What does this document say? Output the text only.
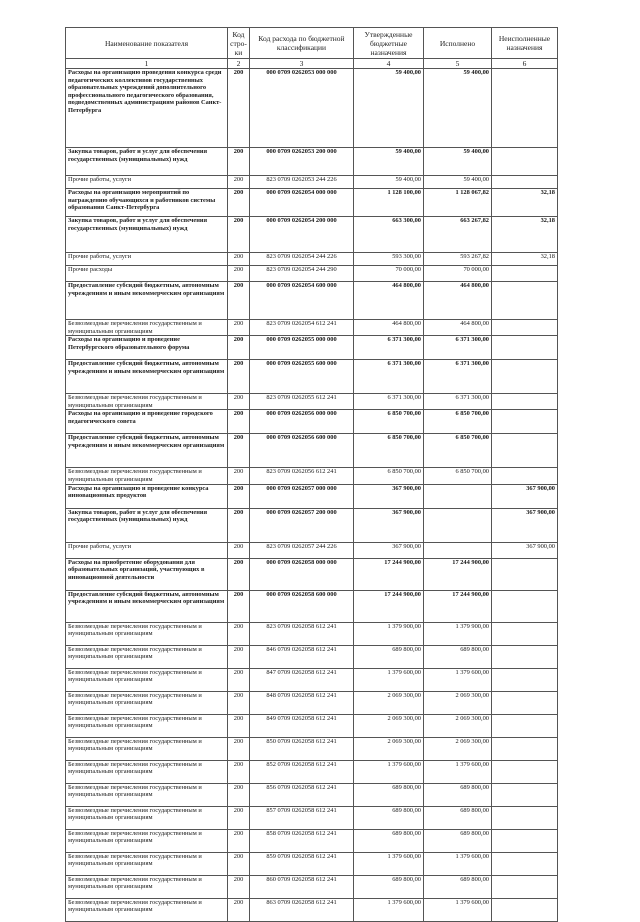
Наименование показателя	Код стро-ки	Код расхода по бюджетной классификации	Утвержденные бюджетные назначения	Исполнено	Неисполненные назначения
1	2	3	4	5	6
Расходы на организацию проведения конкурса среди педагогических коллективов государственных образовательных учреждений дополнительного профессионального педагогического образования, подведомственных администрациям районов Санкт-Петербурга	200	000 0709 0262053 000 000	59 400,00	59 400,00	
Закупка товаров, работ и услуг для обеспечения государственных (муниципальных) нужд	200	000 0709 0262053 200 000	59 400,00	59 400,00	
Прочие работы, услуги	200	823 0709 0262053 244 226	59 400,00	59 400,00	
Расходы на организацию мероприятий по награждению обучающихся и работников системы образования Санкт-Петербурга	200	000 0709 0262054 000 000	1 128 100,00	1 128 067,82	32,18
Закупка товаров, работ и услуг для обеспечения государственных (муниципальных) нужд	200	000 0709 0262054 200 000	663 300,00	663 267,82	32,18
Прочие работы, услуги	200	823 0709 0262054 244 226	593 300,00	593 267,82	32,18
Прочие расходы	200	823 0709 0262054 244 290	70 000,00	70 000,00	
Предоставление субсидий бюджетным, автономным учреждениям и иным некоммерческим организациям	200	000 0709 0262054 600 000	464 800,00	464 800,00	
Безвозмездные перечисления государственным и муниципальным организациям	200	823 0709 0262054 612 241	464 800,00	464 800,00	
Расходы на организацию и проведение Петербургского образовательного форума	200	000 0709 0262055 000 000	6 371 300,00	6 371 300,00	
Предоставление субсидий бюджетным, автономным учреждениям и иным некоммерческим организациям	200	000 0709 0262055 600 000	6 371 300,00	6 371 300,00	
Безвозмездные перечисления государственным и муниципальным организациям	200	823 0709 0262055 612 241	6 371 300,00	6 371 300,00	
Расходы на организацию и проведение городского педагогического совета	200	000 0709 0262056 000 000	6 850 700,00	6 850 700,00	
Предоставление субсидий бюджетным, автономным учреждениям и иным некоммерческим организациям	200	000 0709 0262056 600 000	6 850 700,00	6 850 700,00	
Безвозмездные перечисления государственным и муниципальным организациям	200	823 0709 0262056 612 241	6 850 700,00	6 850 700,00	
Расходы на организацию и проведение конкурса инновационных продуктов	200	000 0709 0262057 000 000	367 900,00		367 900,00
Закупка товаров, работ и услуг для обеспечения государственных (муниципальных) нужд	200	000 0709 0262057 200 000	367 900,00		367 900,00
Прочие работы, услуги	200	823 0709 0262057 244 226	367 900,00		367 900,00
Расходы на приобретение оборудования для образовательных организаций, участвующих в инновационной деятельности	200	000 0709 0262058 000 000	17 244 900,00	17 244 900,00	
Предоставление субсидий бюджетным, автономным учреждениям и иным некоммерческим организациям	200	000 0709 0262058 600 000	17 244 900,00	17 244 900,00	
Безвозмездные перечисления государственным и муниципальным организациям	200	823 0709 0262058 612 241	1 379 900,00	1 379 900,00	
Безвозмездные перечисления государственным и муниципальным организациям	200	846 0709 0262058 612 241	689 800,00	689 800,00	
Безвозмездные перечисления государственным и муниципальным организациям	200	847 0709 0262058 612 241	1 379 600,00	1 379 600,00	
Безвозмездные перечисления государственным и муниципальным организациям	200	848 0709 0262058 612 241	2 069 300,00	2 069 300,00	
Безвозмездные перечисления государственным и муниципальным организациям	200	849 0709 0262058 612 241	2 069 300,00	2 069 300,00	
Безвозмездные перечисления государственным и муниципальным организациям	200	850 0709 0262058 612 241	2 069 300,00	2 069 300,00	
Безвозмездные перечисления государственным и муниципальным организациям	200	852 0709 0262058 612 241	1 379 600,00	1 379 600,00	
Безвозмездные перечисления государственным и муниципальным организациям	200	856 0709 0262058 612 241	689 800,00	689 800,00	
Безвозмездные перечисления государственным и муниципальным организациям	200	857 0709 0262058 612 241	689 800,00	689 800,00	
Безвозмездные перечисления государственным и муниципальным организациям	200	858 0709 0262058 612 241	689 800,00	689 800,00	
Безвозмездные перечисления государственным и муниципальным организациям	200	859 0709 0262058 612 241	1 379 600,00	1 379 600,00	
Безвозмездные перечисления государственным и муниципальным организациям	200	860 0709 0262058 612 241	689 800,00	689 800,00	
Безвозмездные перечисления государственным и муниципальным организациям	200	863 0709 0262058 612 241	1 379 600,00	1 379 600,00	
